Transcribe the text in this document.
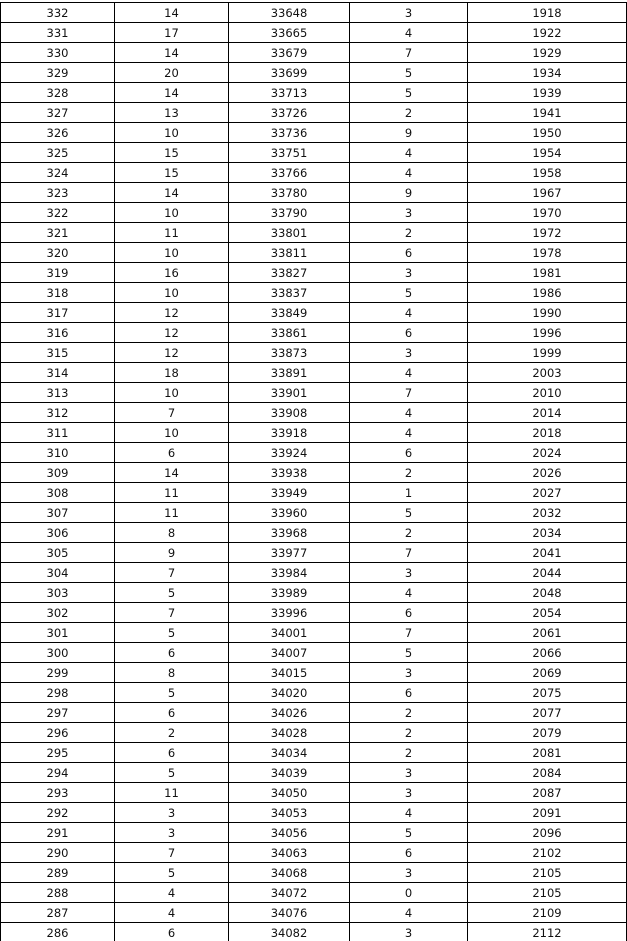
332	14	33648	3	1918
331	17	33665	4	1922
330	14	33679	7	1929
329	20	33699	5	1934
328	14	33713	5	1939
327	13	33726	2	1941
326	10	33736	9	1950
325	15	33751	4	1954
324	15	33766	4	1958
323	14	33780	9	1967
322	10	33790	3	1970
321	11	33801	2	1972
320	10	33811	6	1978
319	16	33827	3	1981
318	10	33837	5	1986
317	12	33849	4	1990
316	12	33861	6	1996
315	12	33873	3	1999
314	18	33891	4	2003
313	10	33901	7	2010
312	7	33908	4	2014
311	10	33918	4	2018
310	6	33924	6	2024
309	14	33938	2	2026
308	11	33949	1	2027
307	11	33960	5	2032
306	8	33968	2	2034
305	9	33977	7	2041
304	7	33984	3	2044
303	5	33989	4	2048
302	7	33996	6	2054
301	5	34001	7	2061
300	6	34007	5	2066
299	8	34015	3	2069
298	5	34020	6	2075
297	6	34026	2	2077
296	2	34028	2	2079
295	6	34034	2	2081
294	5	34039	3	2084
293	11	34050	3	2087
292	3	34053	4	2091
291	3	34056	5	2096
290	7	34063	6	2102
289	5	34068	3	2105
288	4	34072	0	2105
287	4	34076	4	2109
286	6	34082	3	2112
